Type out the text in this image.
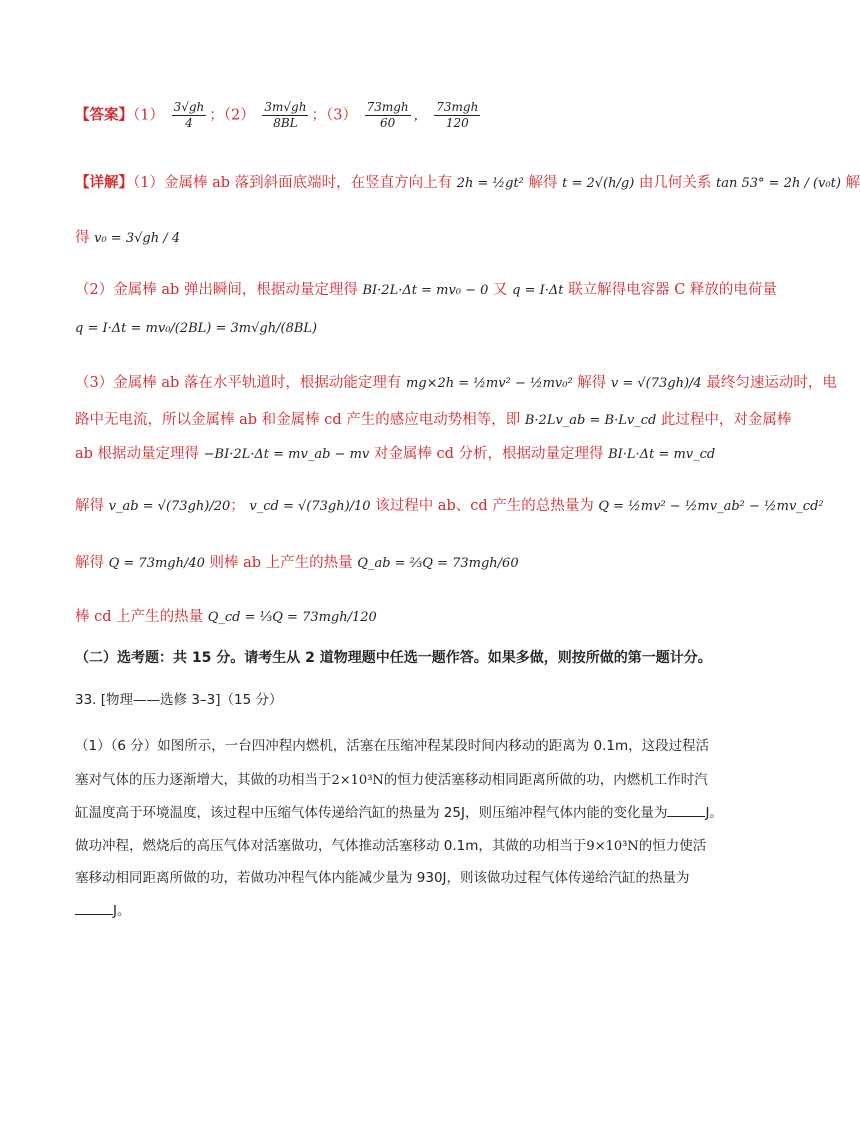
【答案】$(1) \frac{3√gh}{4}$ ；$(2) \frac{3m√gh}{8BL}$ ；$(3) \frac{\text{73mgh}}{60}$ ， $\frac{\text{73mgh}}{120}$
【详解】（1）金属棒 ab 落到斜面底端时，在竖直方向上有 2h = ½gt² 解得 t = 2√(h/g) 由几何关系 tan 53° = 2h / (v₀t) 解
得 v₀ = 3√gh / 4
（2）金属棒 ab 弹出瞬间，根据动量定理得 BI·2L·Δt = mv₀ − 0 又 q = I·Δt 联立解得电容器 C 释放的电荷量
q = I·Δt = mv₀/(2BL) = 3m√gh/(8BL)
（3）金属棒 ab 落在水平轨道时，根据动能定理有 mg×2h = ½mv² − ½mv₀² 解得 v = √(73gh)/4 最终匀速运动时，电
路中无电流，所以金属棒 ab 和金属棒 cd 产生的感应电动势相等，即 B·2Lv_ab = B·Lv_cd 此过程中，对金属棒
ab 根据动量定理得 −BI·2L·Δt = mv_ab − mv 对金属棒 cd 分析，根据动量定理得 BI·L·Δt = mv_cd
解得 v_ab = √(73gh)/20； v_cd = √(73gh)/10 该过程中 ab、cd 产生的总热量为 Q = ½mv² − ½mv_ab² − ½mv_cd²
解得 Q = 73mgh/40 则棒 ab 上产生的热量 Q_ab = ⅔Q = 73mgh/60
棒 cd 上产生的热量 Q_cd = ⅓Q = 73mgh/120
（二）选考题：共 15 分。请考生从 2 道物理题中任选一题作答。如果多做，则按所做的第一题计分。
33. [物理——选修 3–3]（15 分）
（1）（6 分）如图所示，一台四冲程内燃机，活塞在压缩冲程某段时间内移动的距离为 0.1m，这段过程活
塞对气体的压力逐渐增大，其做的功相当于2×10³N的恒力使活塞移动相同距离所做的功，内燃机工作时汽
缸温度高于环境温度，该过程中压缩气体传递给汽缸的热量为 25J，则压缩冲程气体内能的变化量为	J。
做功冲程，燃烧后的高压气体对活塞做功，气体推动活塞移动 0.1m，其做的功相当于9×10³N的恒力使活
塞移动相同距离所做的功，若做功冲程气体内能减少量为 930J，则该做功过程气体传递给汽缸的热量为
J。
